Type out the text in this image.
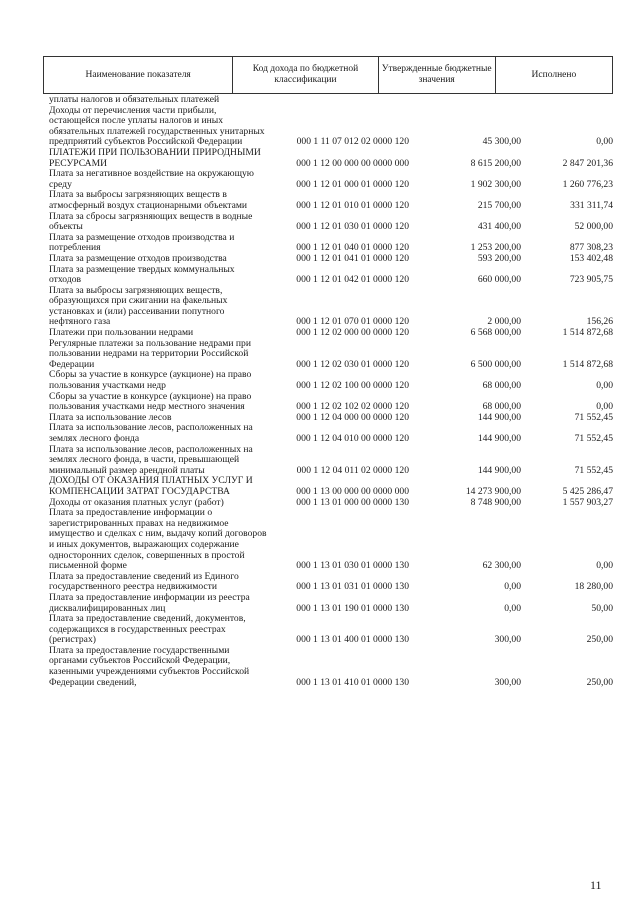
Наименование показателя	Код дохода по бюджетной классификации	Утвержденные бюджетные значения	Исполнено
уплаты налогов и обязательных платежей
Доходы от перечисления части прибыли, остающейся после уплаты налогов и иных обязательных платежей государственных унитарных предприятий субъектов Российской Федерации	000 1 11 07 012 02 0000 120	45 300,00	0,00
ПЛАТЕЖИ ПРИ ПОЛЬЗОВАНИИ ПРИРОДНЫМИ РЕСУРСАМИ	000 1 12 00 000 00 0000 000	8 615 200,00	2 847 201,36
Плата за негативное воздействие на окружающую среду	000 1 12 01 000 01 0000 120	1 902 300,00	1 260 776,23
Плата за выбросы загрязняющих веществ в атмосферный воздух стационарными объектами	000 1 12 01 010 01 0000 120	215 700,00	331 311,74
Плата за сбросы загрязняющих веществ в водные объекты	000 1 12 01 030 01 0000 120	431 400,00	52 000,00
Плата за размещение отходов производства и потребления	000 1 12 01 040 01 0000 120	1 253 200,00	877 308,23
Плата за размещение отходов производства	000 1 12 01 041 01 0000 120	593 200,00	153 402,48
Плата за размещение твердых коммунальных отходов	000 1 12 01 042 01 0000 120	660 000,00	723 905,75
Плата за выбросы загрязняющих веществ, образующихся при сжигании на факельных установках и (или) рассеивании попутного нефтяного газа	000 1 12 01 070 01 0000 120	2 000,00	156,26
Платежи при пользовании недрами	000 1 12 02 000 00 0000 120	6 568 000,00	1 514 872,68
Регулярные платежи за пользование недрами при пользовании недрами на территории Российской Федерации	000 1 12 02 030 01 0000 120	6 500 000,00	1 514 872,68
Сборы за участие в конкурсе (аукционе) на право пользования участками недр	000 1 12 02 100 00 0000 120	68 000,00	0,00
Сборы за участие в конкурсе (аукционе) на право пользования участками недр местного значения	000 1 12 02 102 02 0000 120	68 000,00	0,00
Плата за использование лесов	000 1 12 04 000 00 0000 120	144 900,00	71 552,45
Плата за использование лесов, расположенных на землях лесного фонда	000 1 12 04 010 00 0000 120	144 900,00	71 552,45
Плата за использование лесов, расположенных на землях лесного фонда, в части, превышающей минимальный размер арендной платы	000 1 12 04 011 02 0000 120	144 900,00	71 552,45
ДОХОДЫ ОТ ОКАЗАНИЯ ПЛАТНЫХ УСЛУГ И КОМПЕНСАЦИИ ЗАТРАТ ГОСУДАРСТВА	000 1 13 00 000 00 0000 000	14 273 900,00	5 425 286,47
Доходы от оказания платных услуг (работ)	000 1 13 01 000 00 0000 130	8 748 900,00	1 557 903,27
Плата за предоставление информации о зарегистрированных правах на недвижимое имущество и сделках с ним, выдачу копий договоров и иных документов, выражающих содержание односторонних сделок, совершенных в простой письменной форме	000 1 13 01 030 01 0000 130	62 300,00	0,00
Плата за предоставление сведений из Единого государственного реестра недвижимости	000 1 13 01 031 01 0000 130	0,00	18 280,00
Плата за предоставление информации из реестра дисквалифицированных лиц	000 1 13 01 190 01 0000 130	0,00	50,00
Плата за предоставление сведений, документов, содержащихся в государственных реестрах (регистрах)	000 1 13 01 400 01 0000 130	300,00	250,00
Плата за предоставление государственными органами субъектов Российской Федерации, казенными учреждениями субъектов Российской Федерации сведений,	000 1 13 01 410 01 0000 130	300,00	250,00
11
